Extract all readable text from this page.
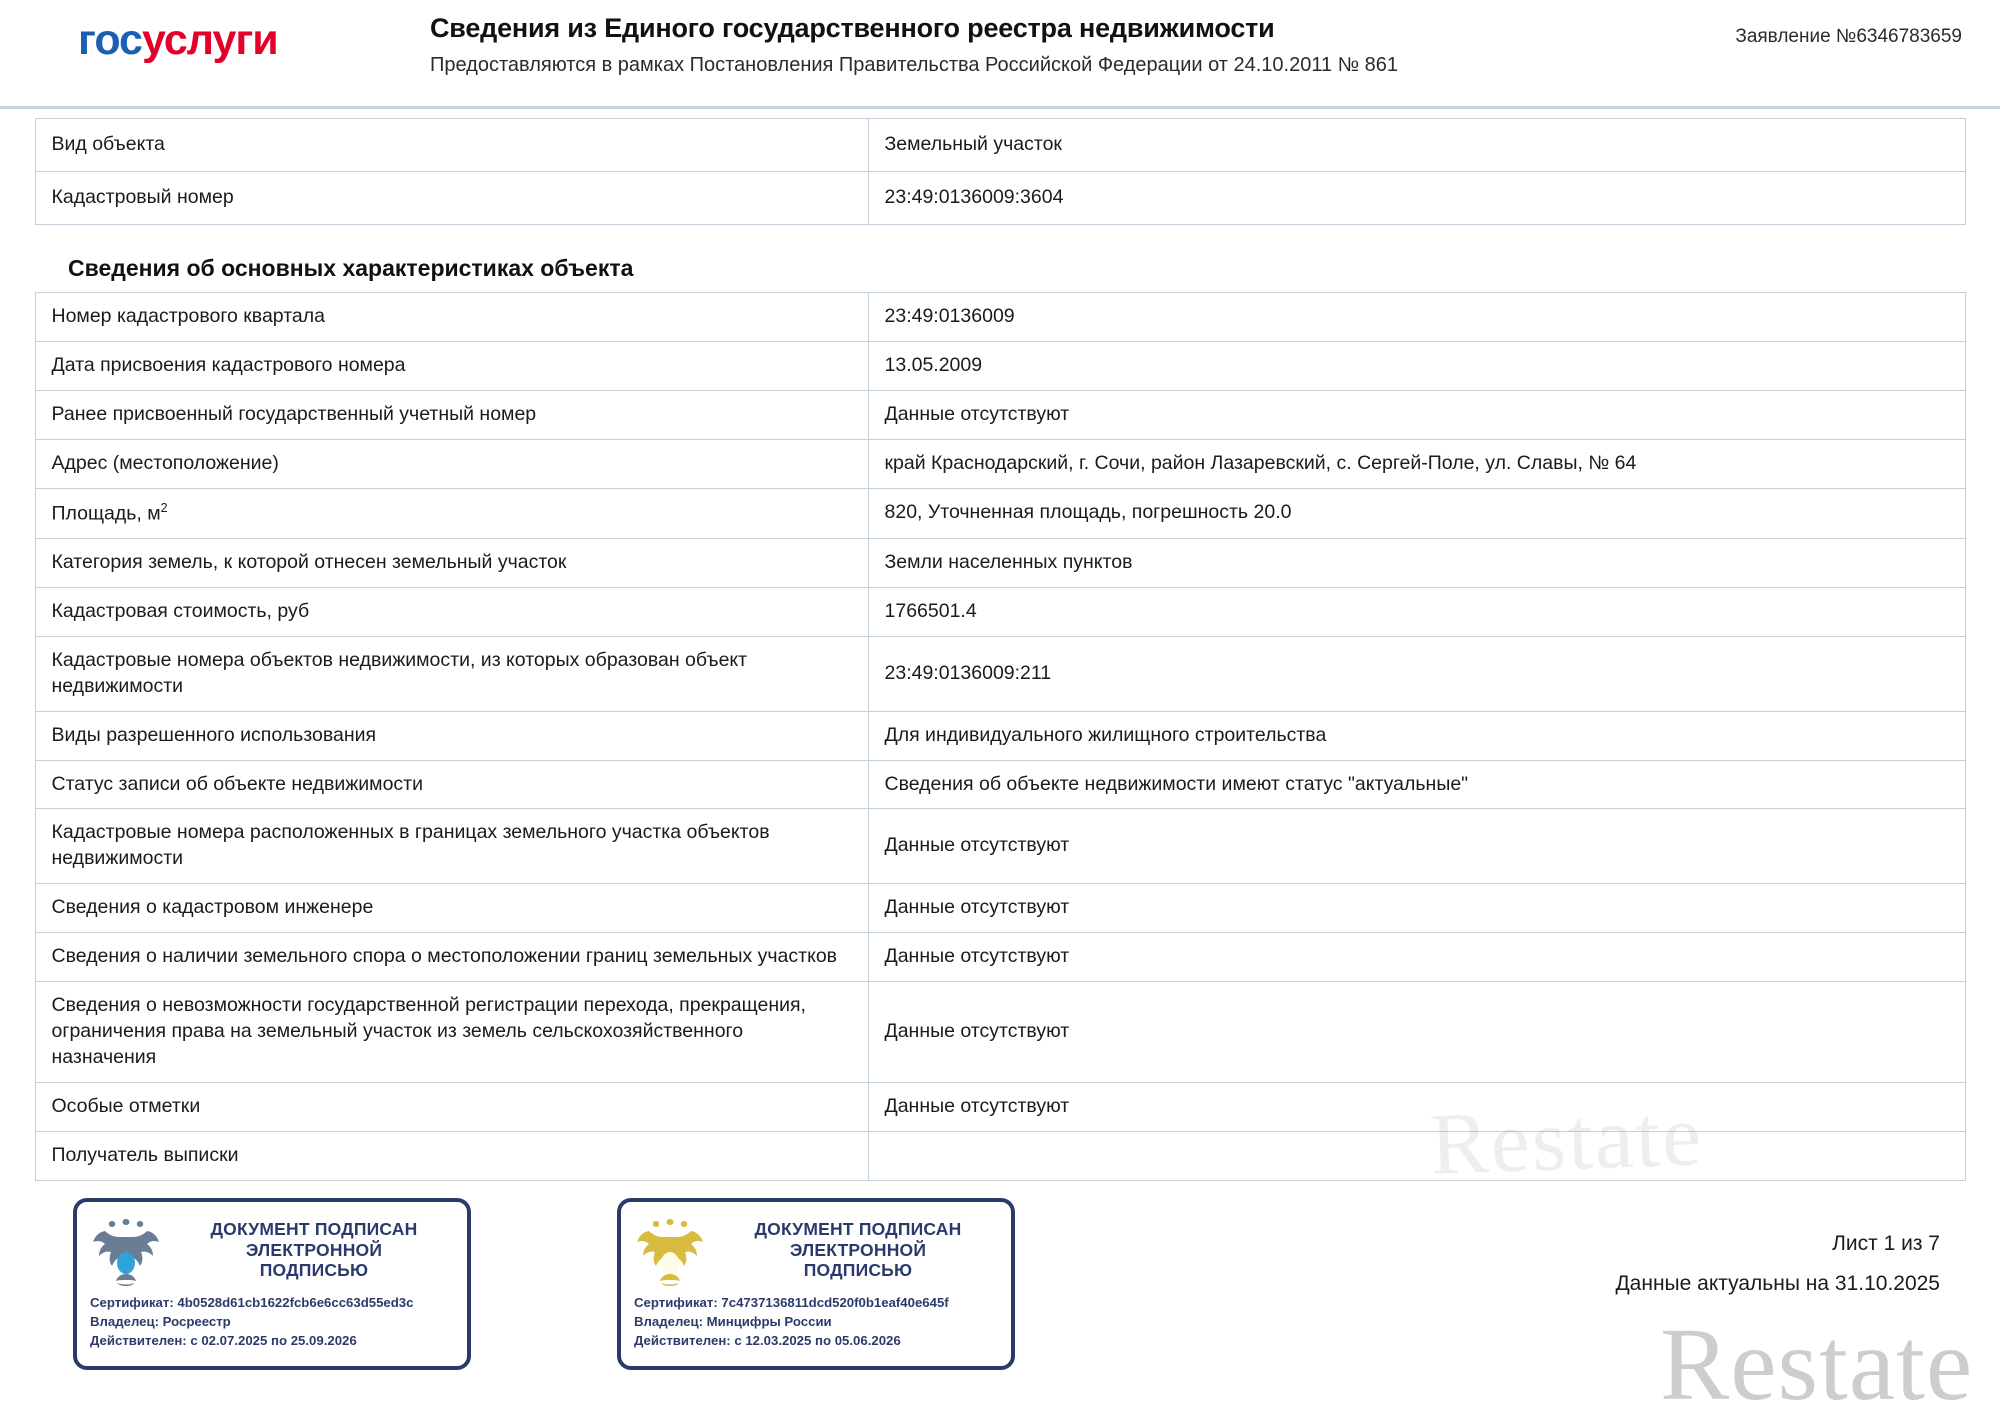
госуслуги	Сведения из Единого государственного реестра недвижимости
Предоставляются в рамках Постановления Правительства Российской Федерации от 24.10.2011 № 861
Заявление №6346783659
Вид объекта	Земельный участок
Кадастровый номер	23:49:0136009:3604
Сведения об основных характеристиках объекта
Номер кадастрового квартала	23:49:0136009
Дата присвоения кадастрового номера	13.05.2009
Ранее присвоенный государственный учетный номер	Данные отсутствуют
Адрес (местоположение)	край Краснодарский, г. Сочи, район Лазаревский, с. Сергей-Поле, ул. Славы, № 64
Площадь, $м^2$	820, Уточненная площадь, погрешность 20.0
Категория земель, к которой отнесен земельный участок	Земли населенных пунктов
Кадастровая стоимость, руб	1766501.4
Кадастровые номера объектов недвижимости, из которых образован объект недвижимости	23:49:0136009:211
Виды разрешенного использования	Для индивидуального жилищного строительства
Статус записи об объекте недвижимости	Сведения об объекте недвижимости имеют статус "актуальные"
Кадастровые номера расположенных в границах земельного участка объектов недвижимости	Данные отсутствуют
Сведения о кадастровом инженере	Данные отсутствуют
Сведения о наличии земельного спора о местоположении границ земельных участков	Данные отсутствуют
Сведения о невозможности государственной регистрации перехода, прекращения, ограничения права на земельный участок из земель сельскохозяйственного назначения	Данные отсутствуют
Особые отметки	Данные отсутствуют
Получатель выписки	
ДОКУМЕНТ ПОДПИСАН
ЭЛЕКТРОННОЙ
ПОДПИСЬЮ
Сертификат: 4b0528d61cb1622fcb6e6cc63d55ed3c
Владелец: Росреестр
Действителен: с 02.07.2025 по 25.09.2026
ДОКУМЕНТ ПОДПИСАН
ЭЛЕКТРОННОЙ
ПОДПИСЬЮ
Сертификат: 7c4737136811dcd520f0b1eaf40e645f
Владелец: Минцифры России
Действителен: с 12.03.2025 по 05.06.2026
Лист 1 из 7
Данные актуальны на 31.10.2025
Restate
